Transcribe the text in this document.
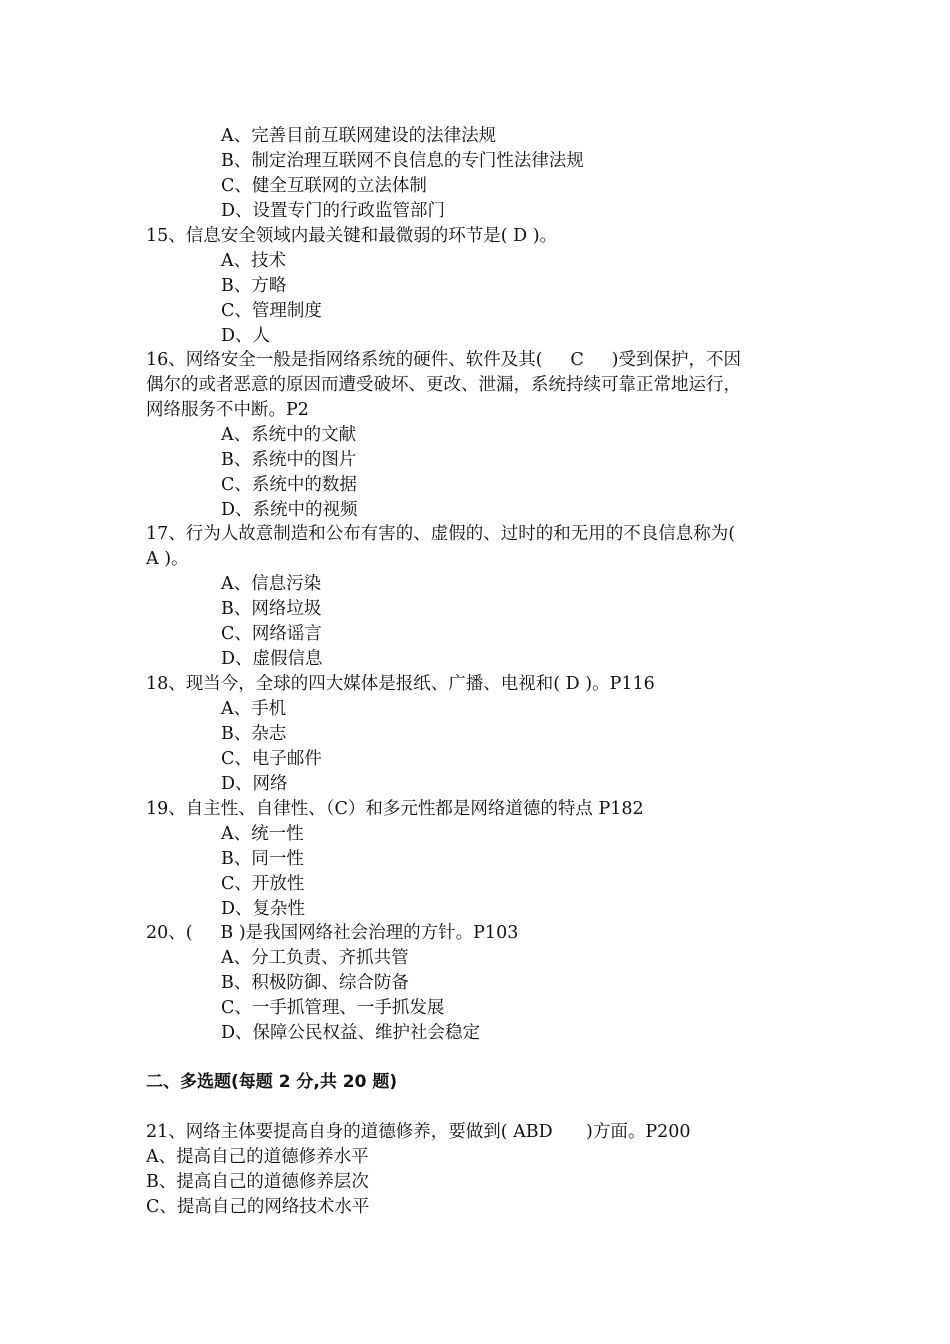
A、完善目前互联网建设的法律法规
B、制定治理互联网不良信息的专门性法律法规
C、健全互联网的立法体制
D、设置专门的行政监管部门
15、信息安全领域内最关键和最微弱的环节是( D )。
A、技术
B、方略
C、管理制度
D、人
16、网络安全一般是指网络系统的硬件、软件及其(     C     )受到保护，不因
偶尔的或者恶意的原因而遭受破坏、更改、泄漏，系统持续可靠正常地运行，
网络服务不中断。P2
A、系统中的文献
B、系统中的图片
C、系统中的数据
D、系统中的视频
17、行为人故意制造和公布有害的、虚假的、过时的和无用的不良信息称为(
A )。
A、信息污染
B、网络垃圾
C、网络谣言
D、虚假信息
18、现当今，全球的四大媒体是报纸、广播、电视和( D )。P116
A、手机
B、杂志
C、电子邮件
D、网络
19、自主性、自律性、（C）和多元性都是网络道德的特点 P182
A、统一性
B、同一性
C、开放性
D、复杂性
20、(     B )是我国网络社会治理的方针。P103
A、分工负责、齐抓共管
B、积极防御、综合防备
C、一手抓管理、一手抓发展
D、保障公民权益、维护社会稳定
二、多选题(每题 2 分,共 20 题)
21、网络主体要提高自身的道德修养，要做到( ABD      )方面。P200
A、提高自己的道德修养水平
B、提高自己的道德修养层次
C、提高自己的网络技术水平
